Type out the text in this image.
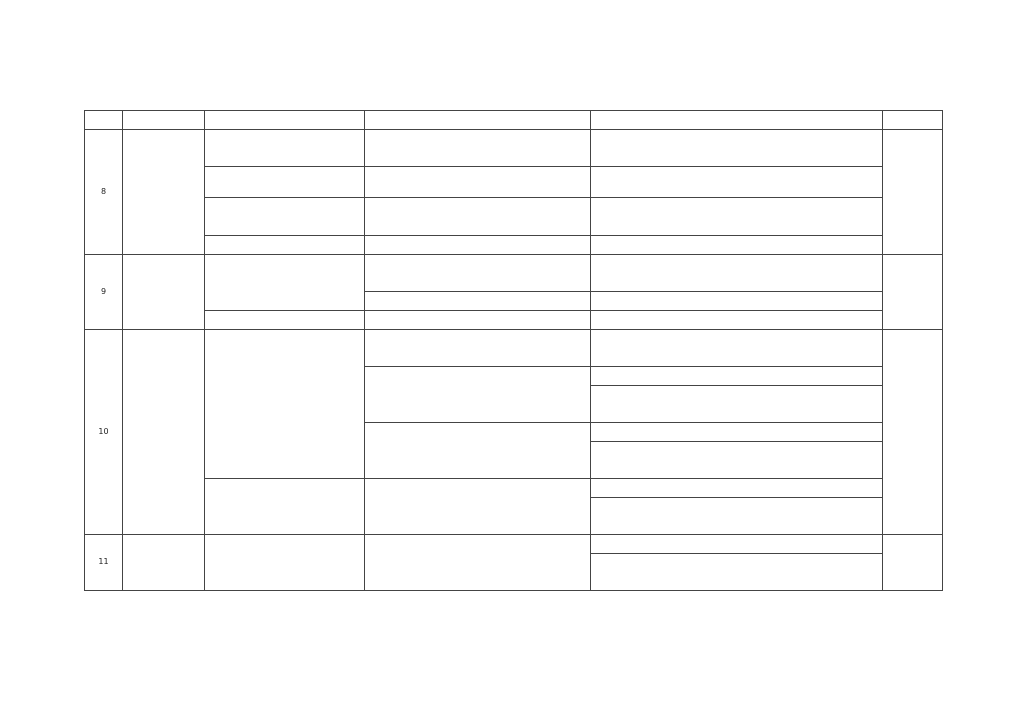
8	

9	

10	

11	
